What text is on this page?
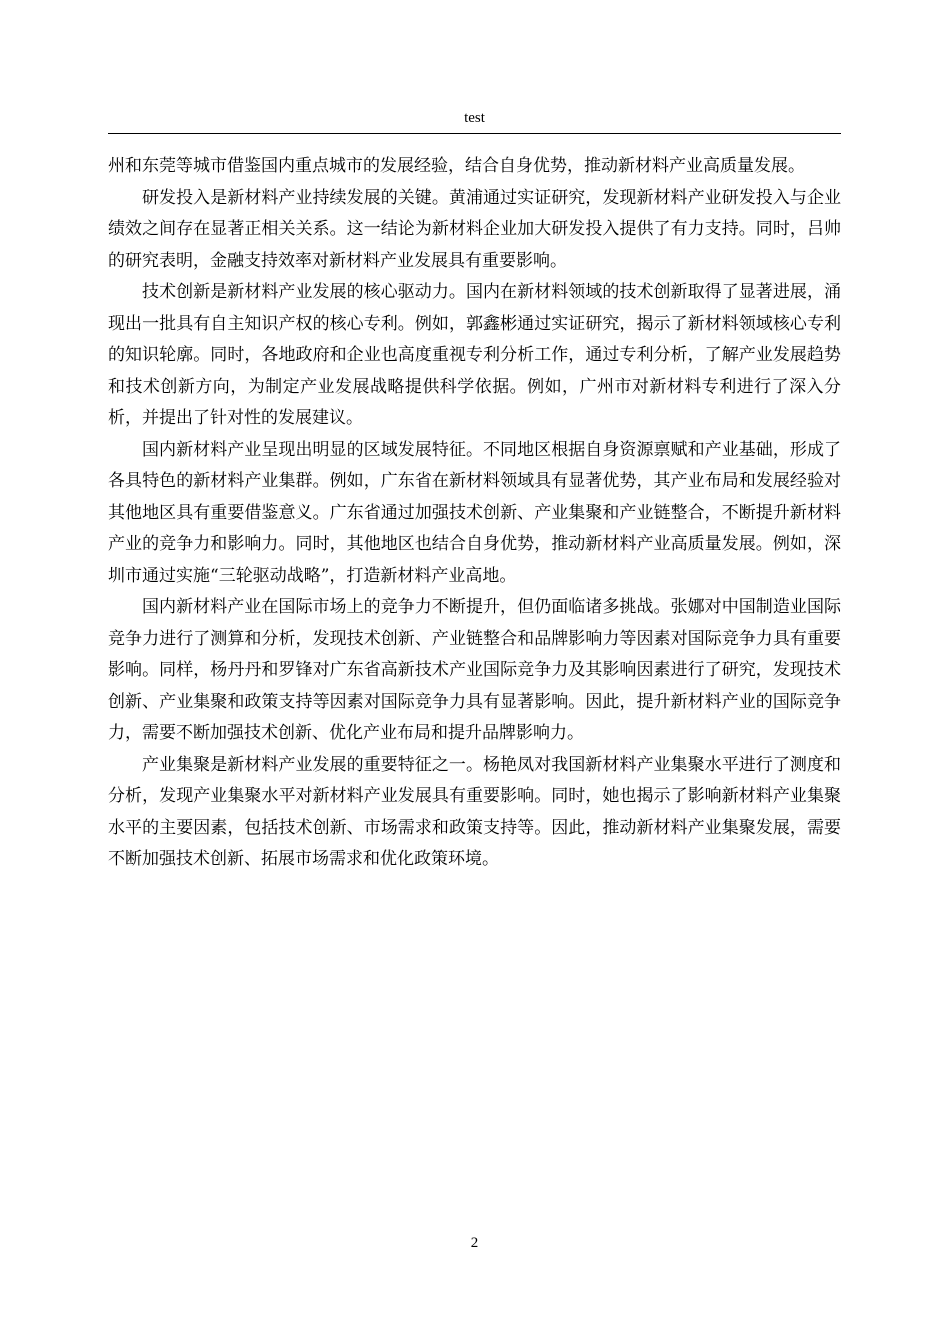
test

州和东莞等城市借鉴国内重点城市的发展经验，结合自身优势，推动新材料产业高质量发展。

研发投入是新材料产业持续发展的关键。黄浦通过实证研究，发现新材料产业研发投入与企业绩效之间存在显著正相关关系。这一结论为新材料企业加大研发投入提供了有力支持。同时，吕帅的研究表明，金融支持效率对新材料产业发展具有重要影响。

技术创新是新材料产业发展的核心驱动力。国内在新材料领域的技术创新取得了显著进展，涌现出一批具有自主知识产权的核心专利。例如，郭鑫彬通过实证研究，揭示了新材料领域核心专利的知识轮廓。同时，各地政府和企业也高度重视专利分析工作，通过专利分析，了解产业发展趋势和技术创新方向，为制定产业发展战略提供科学依据。例如，广州市对新材料专利进行了深入分析，并提出了针对性的发展建议。

国内新材料产业呈现出明显的区域发展特征。不同地区根据自身资源禀赋和产业基础，形成了各具特色的新材料产业集群。例如，广东省在新材料领域具有显著优势，其产业布局和发展经验对其他地区具有重要借鉴意义。广东省通过加强技术创新、产业集聚和产业链整合，不断提升新材料产业的竞争力和影响力。同时，其他地区也结合自身优势，推动新材料产业高质量发展。例如，深圳市通过实施“三轮驱动战略”，打造新材料产业高地。

国内新材料产业在国际市场上的竞争力不断提升，但仍面临诸多挑战。张娜对中国制造业国际竞争力进行了测算和分析，发现技术创新、产业链整合和品牌影响力等因素对国际竞争力具有重要影响。同样，杨丹丹和罗锋对广东省高新技术产业国际竞争力及其影响因素进行了研究，发现技术创新、产业集聚和政策支持等因素对国际竞争力具有显著影响。因此，提升新材料产业的国际竞争力，需要不断加强技术创新、优化产业布局和提升品牌影响力。

产业集聚是新材料产业发展的重要特征之一。杨艳凤对我国新材料产业集聚水平进行了测度和分析，发现产业集聚水平对新材料产业发展具有重要影响。同时，她也揭示了影响新材料产业集聚水平的主要因素，包括技术创新、市场需求和政策支持等。因此，推动新材料产业集聚发展，需要不断加强技术创新、拓展市场需求和优化政策环境。

2
